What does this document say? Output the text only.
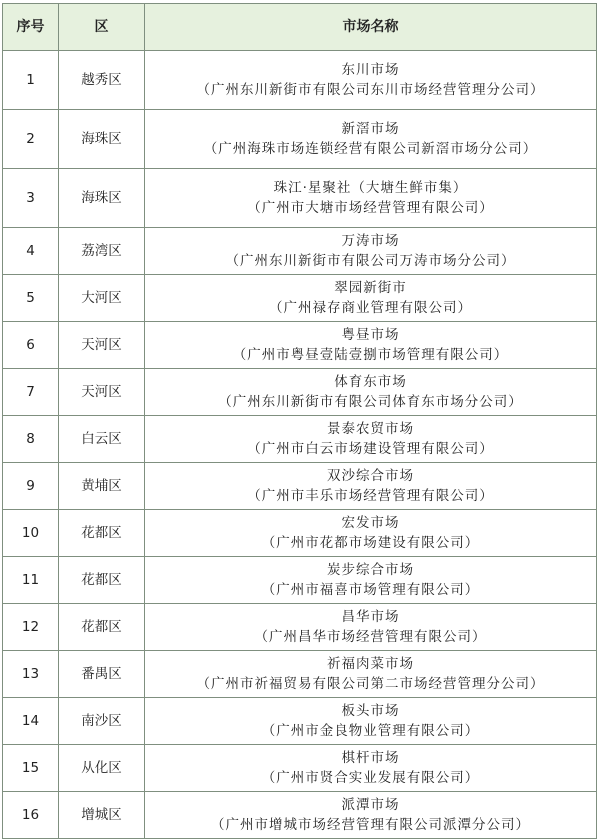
序号	区	市场名称
1	越秀区	东川市场
（广州东川新街市有限公司东川市场经营管理分公司）

2	海珠区	新滘市场
（广州海珠市场连锁经营有限公司新滘市场分公司）

3	海珠区	珠江·星聚社（大塘生鲜市集）
（广州市大塘市场经营管理有限公司）

4	荔湾区	万涛市场
（广州东川新街市有限公司万涛市场分公司）

5	大河区	翠园新街市
（广州禄存商业管理有限公司）

6	天河区	粤昼市场
（广州市粤昼壹陆壹捌市场管理有限公司）

7	天河区	体育东市场
（广州东川新街市有限公司体育东市场分公司）

8	白云区	景泰农贸市场
（广州市白云市场建设管理有限公司）

9	黄埔区	双沙综合市场
（广州市丰乐市场经营管理有限公司）

10	花都区	宏发市场
（广州市花都市场建设有限公司）

11	花都区	炭步综合市场
（广州市福喜市场管理有限公司）

12	花都区	昌华市场
（广州昌华市场经营管理有限公司）

13	番禺区	祈福肉菜市场
（广州市祈福贸易有限公司第二市场经营管理分公司）

14	南沙区	板头市场
（广州市金良物业管理有限公司）

15	从化区	棋杆市场
（广州市贤合实业发展有限公司）

16	增城区	派潭市场
（广州市增城市场经营管理有限公司派潭分公司）
